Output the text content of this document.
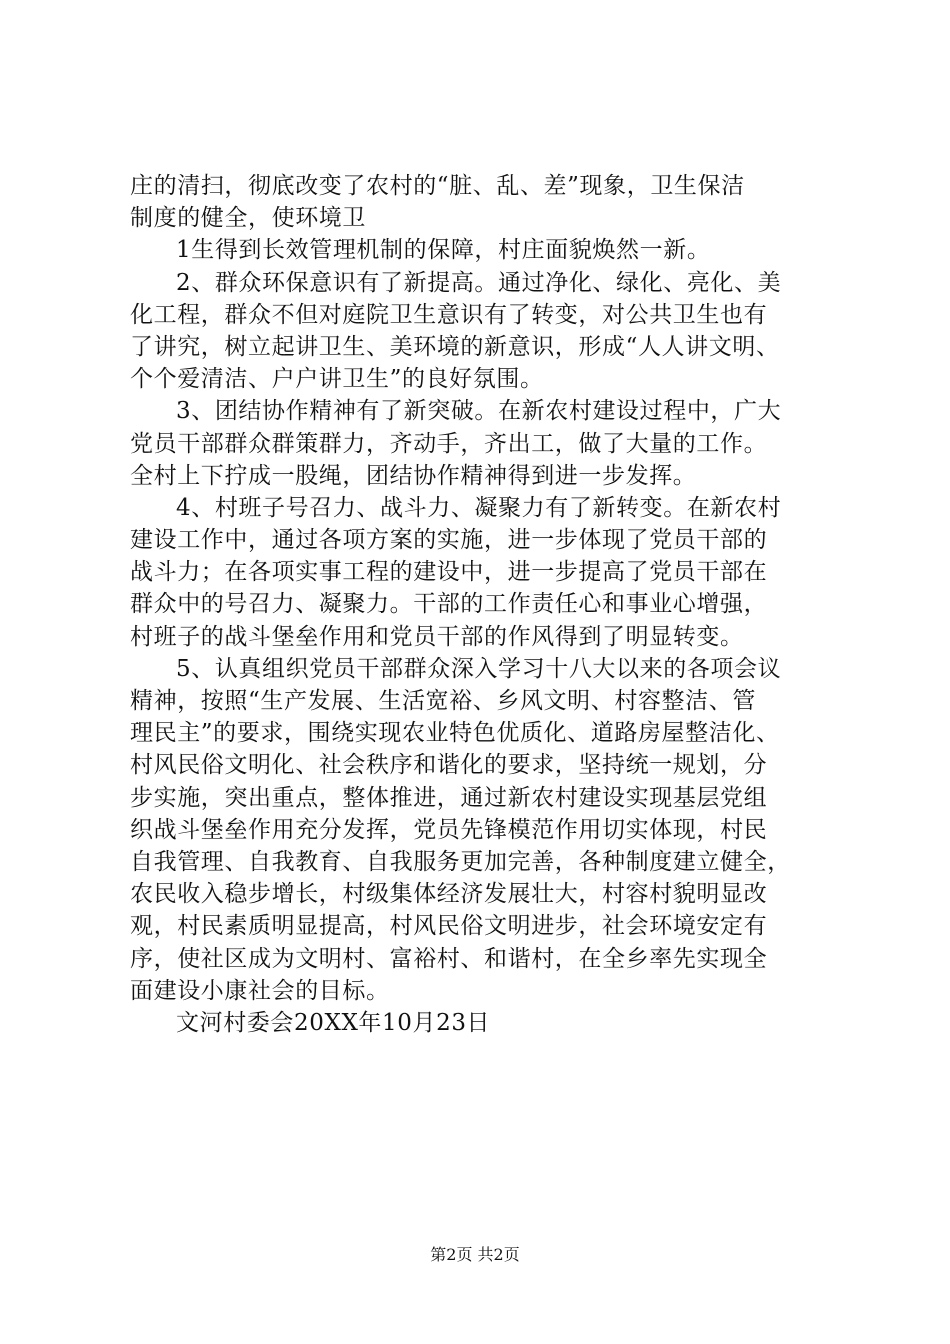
庄的清扫，彻底改变了农村的“脏、乱、差”现象，卫生保洁
制度的健全，使环境卫
1生得到长效管理机制的保障，村庄面貌焕然一新。
2、群众环保意识有了新提高。通过净化、绿化、亮化、美
化工程，群众不但对庭院卫生意识有了转变，对公共卫生也有
了讲究，树立起讲卫生、美环境的新意识，形成“人人讲文明、
个个爱清洁、户户讲卫生”的良好氛围。
3、团结协作精神有了新突破。在新农村建设过程中，广大
党员干部群众群策群力，齐动手，齐出工，做了大量的工作。
全村上下拧成一股绳，团结协作精神得到进一步发挥。
4、村班子号召力、战斗力、凝聚力有了新转变。在新农村
建设工作中，通过各项方案的实施，进一步体现了党员干部的
战斗力；在各项实事工程的建设中，进一步提高了党员干部在
群众中的号召力、凝聚力。干部的工作责任心和事业心增强，
村班子的战斗堡垒作用和党员干部的作风得到了明显转变。
5、认真组织党员干部群众深入学习十八大以来的各项会议
精神，按照“生产发展、生活宽裕、乡风文明、村容整洁、管
理民主”的要求，围绕实现农业特色优质化、道路房屋整洁化、
村风民俗文明化、社会秩序和谐化的要求，坚持统一规划，分
步实施，突出重点，整体推进，通过新农村建设实现基层党组
织战斗堡垒作用充分发挥，党员先锋模范作用切实体现，村民
自我管理、自我教育、自我服务更加完善，各种制度建立健全，
农民收入稳步增长，村级集体经济发展壮大，村容村貌明显改
观，村民素质明显提高，村风民俗文明进步，社会环境安定有
序，使社区成为文明村、富裕村、和谐村，在全乡率先实现全
面建设小康社会的目标。
文河村委会20XX年10月23日
第2页 共2页
